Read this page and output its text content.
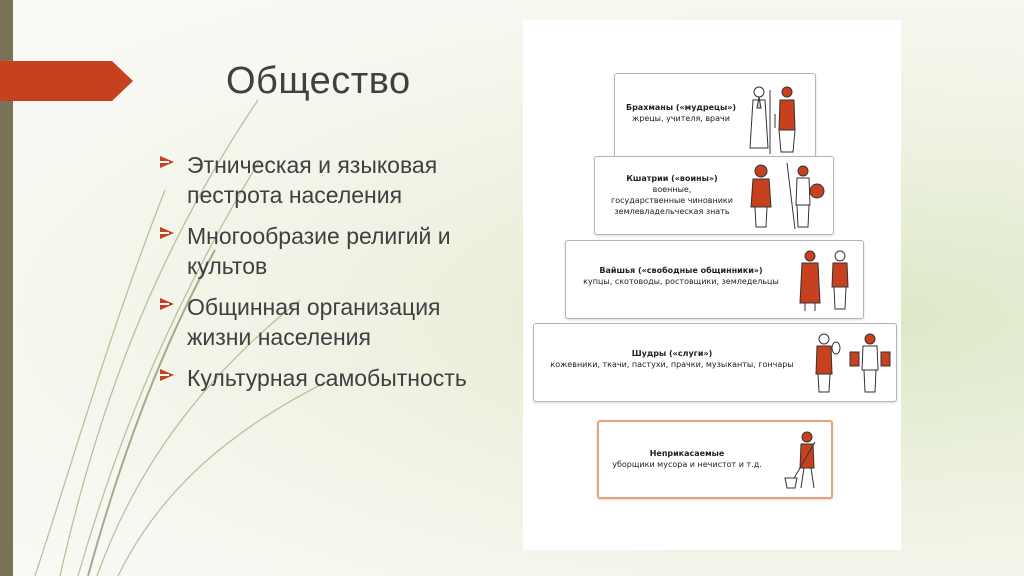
Общество
Этническая и языковая пестрота населения
Многообразие религий и культов
Общинная организация жизни населения
Культурная самобытность
Брахманы («мудрецы»)
жрецы, учителя, врачи
Кшатрии («воины»)
военные,
государственные чиновники
землевладельческая знать
Вайшья («свободные общинники»)
купцы, скотоводы, ростовщики, земледельцы
Шудры («слуги»)
кожевники, ткачи, пастухи, прачки, музыканты, гончары
Неприкасаемые
уборщики мусора и нечистот и т.д.
